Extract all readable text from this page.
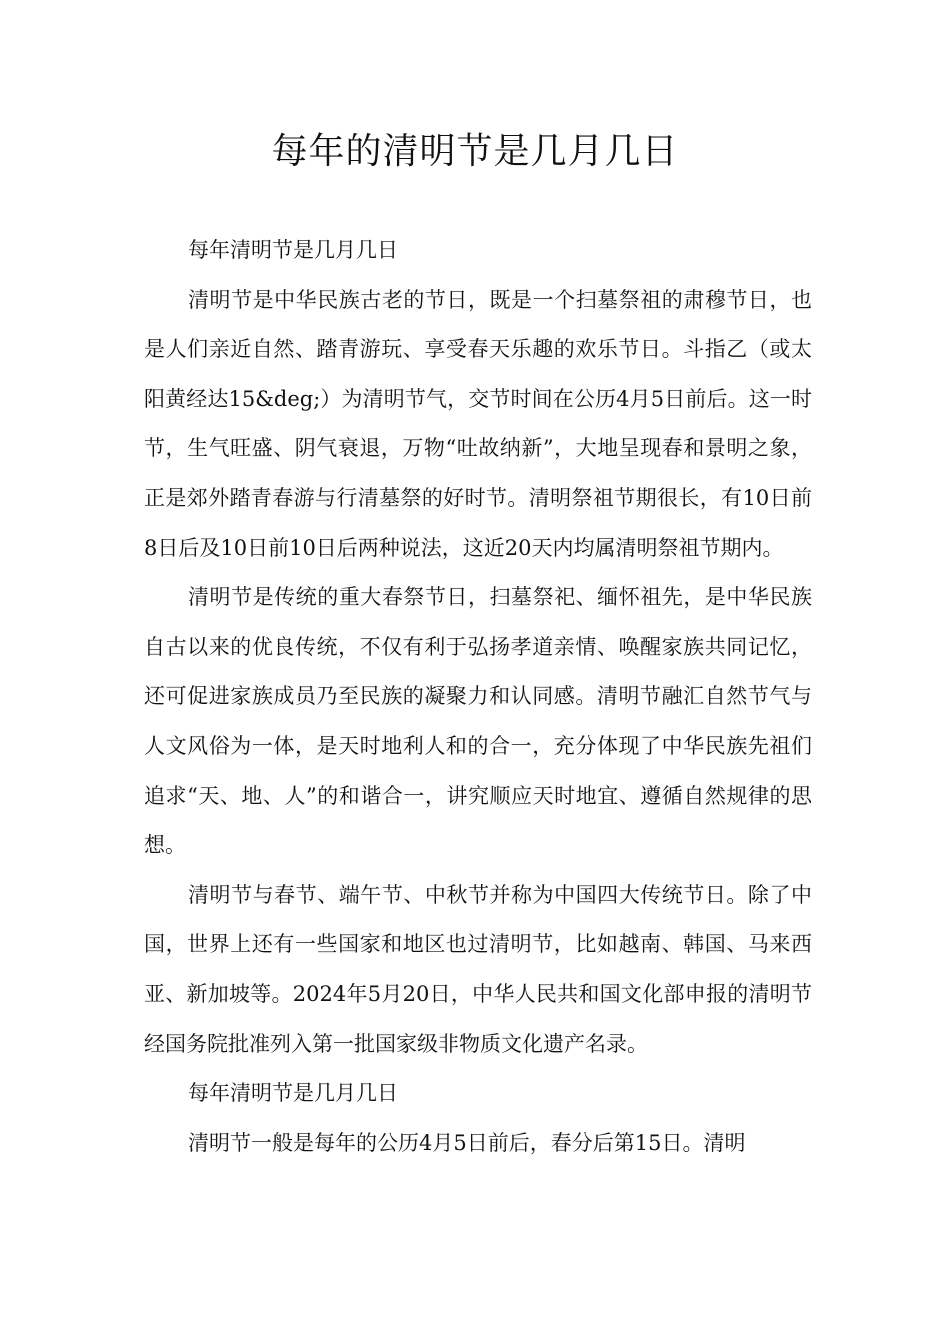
每年的清明节是几月几日

每年清明节是几月几日

清明节是中华民族古老的节日，既是一个扫墓祭祖的肃穆节日，也是人们亲近自然、踏青游玩、享受春天乐趣的欢乐节日。斗指乙（或太阳黄经达15&deg;）为清明节气，交节时间在公历4月5日前后。这一时节，生气旺盛、阴气衰退，万物“吐故纳新”，大地呈现春和景明之象，正是郊外踏青春游与行清墓祭的好时节。清明祭祖节期很长，有10日前8日后及10日前10日后两种说法，这近20天内均属清明祭祖节期内。

清明节是传统的重大春祭节日，扫墓祭祀、缅怀祖先，是中华民族自古以来的优良传统，不仅有利于弘扬孝道亲情、唤醒家族共同记忆，还可促进家族成员乃至民族的凝聚力和认同感。清明节融汇自然节气与人文风俗为一体，是天时地利人和的合一，充分体现了中华民族先祖们追求“天、地、人”的和谐合一，讲究顺应天时地宜、遵循自然规律的思想。

清明节与春节、端午节、中秋节并称为中国四大传统节日。除了中国，世界上还有一些国家和地区也过清明节，比如越南、韩国、马来西亚、新加坡等。2024年5月20日，中华人民共和国文化部申报的清明节经国务院批准列入第一批国家级非物质文化遗产名录。

每年清明节是几月几日

清明节一般是每年的公历4月5日前后，春分后第15日。清明
